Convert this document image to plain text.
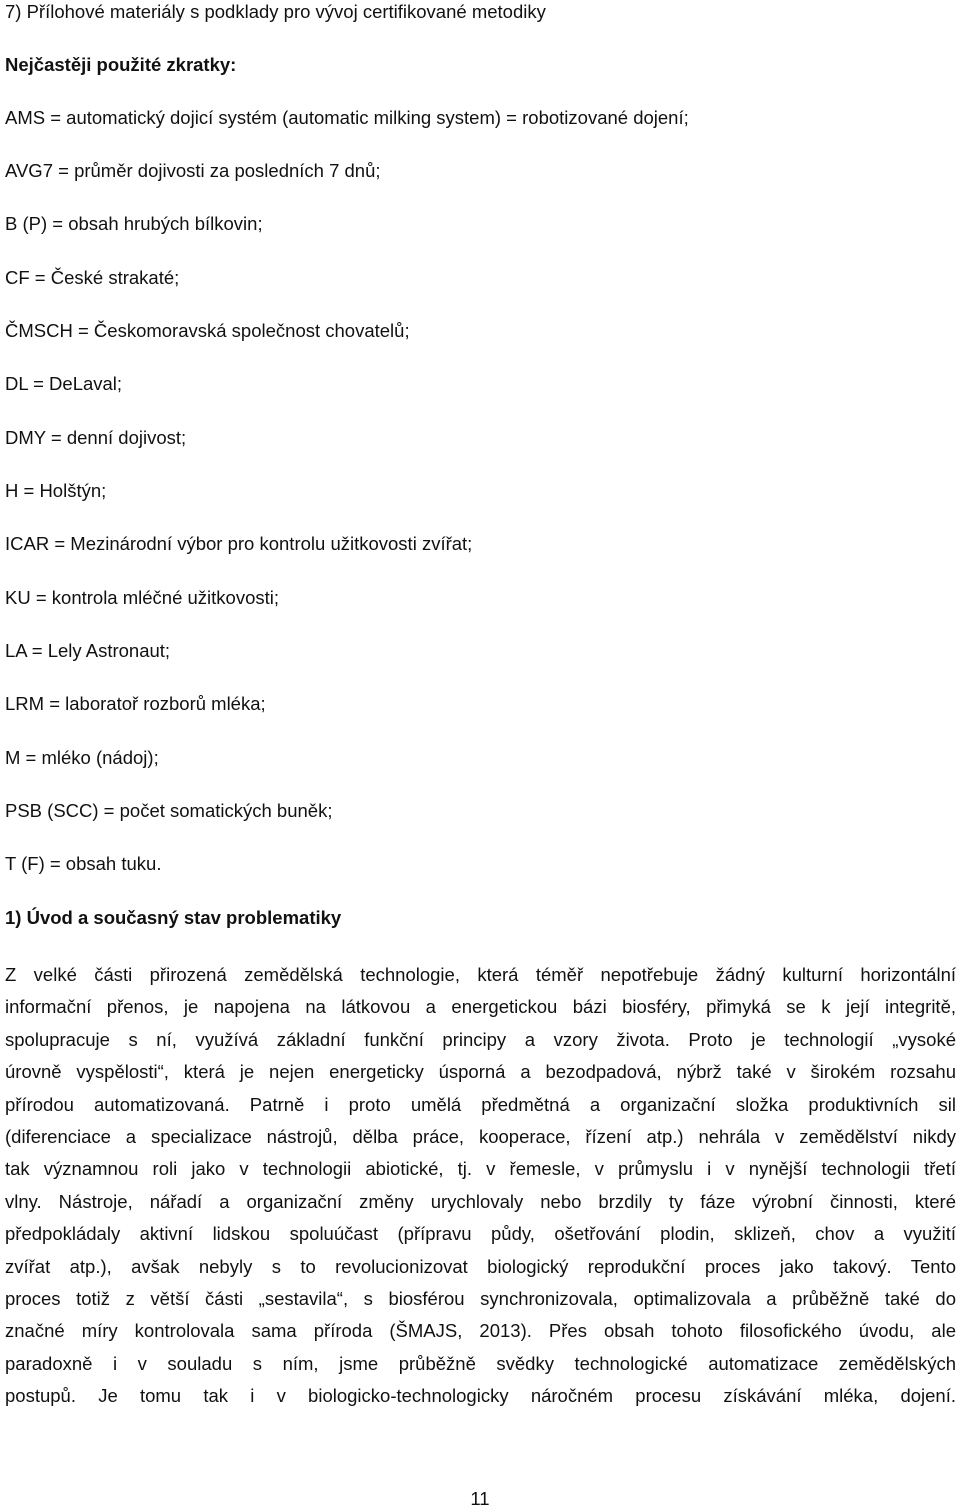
7) Přílohové materiály s podklady pro vývoj certifikované metodiky
Nejčastěji použité zkratky:
AMS = automatický dojicí systém (automatic milking system) = robotizované dojení;
AVG7 = průměr dojivosti za posledních 7 dnů;
B (P) = obsah hrubých bílkovin;
CF = České strakaté;
ČMSCH = Českomoravská společnost chovatelů;
DL = DeLaval;
DMY = denní dojivost;
H = Holštýn;
ICAR = Mezinárodní výbor pro kontrolu užitkovosti zvířat;
KU = kontrola mléčné užitkovosti;
LA = Lely Astronaut;
LRM = laboratoř rozborů mléka;
M = mléko (nádoj);
PSB (SCC) = počet somatických buněk;
T (F) = obsah tuku.
1) Úvod a současný stav problematiky
Z velké části přirozená zemědělská technologie, která téměř nepotřebuje žádný kulturní horizontální
informační přenos, je napojena na látkovou a energetickou bázi biosféry, přimyká se k její integritě,
spolupracuje s ní, využívá základní funkční principy a vzory života. Proto je technologií „vysoké
úrovně vyspělosti“, která je nejen energeticky úsporná a bezodpadová, nýbrž také v širokém rozsahu
přírodou automatizovaná. Patrně i proto umělá předmětná a organizační složka produktivních sil
(diferenciace a specializace nástrojů, dělba práce, kooperace, řízení atp.) nehrála v zemědělství nikdy
tak významnou roli jako v technologii abiotické, tj. v řemesle, v průmyslu i v nynější technologii třetí
vlny. Nástroje, nářadí a organizační změny urychlovaly nebo brzdily ty fáze výrobní činnosti, které
předpokládaly aktivní lidskou spoluúčast (přípravu půdy, ošetřování plodin, sklizeň, chov a využití
zvířat atp.), avšak nebyly s to revolucionizovat biologický reprodukční proces jako takový. Tento
proces totiž z větší části „sestavila“, s biosférou synchronizovala, optimalizovala a průběžně také do
značné míry kontrolovala sama příroda (ŠMAJS, 2013). Přes obsah tohoto filosofického úvodu, ale
paradoxně i v souladu s ním, jsme průběžně svědky technologické automatizace zemědělských
postupů. Je tomu tak i v biologicko-technologicky náročném procesu získávání mléka, dojení.
11
